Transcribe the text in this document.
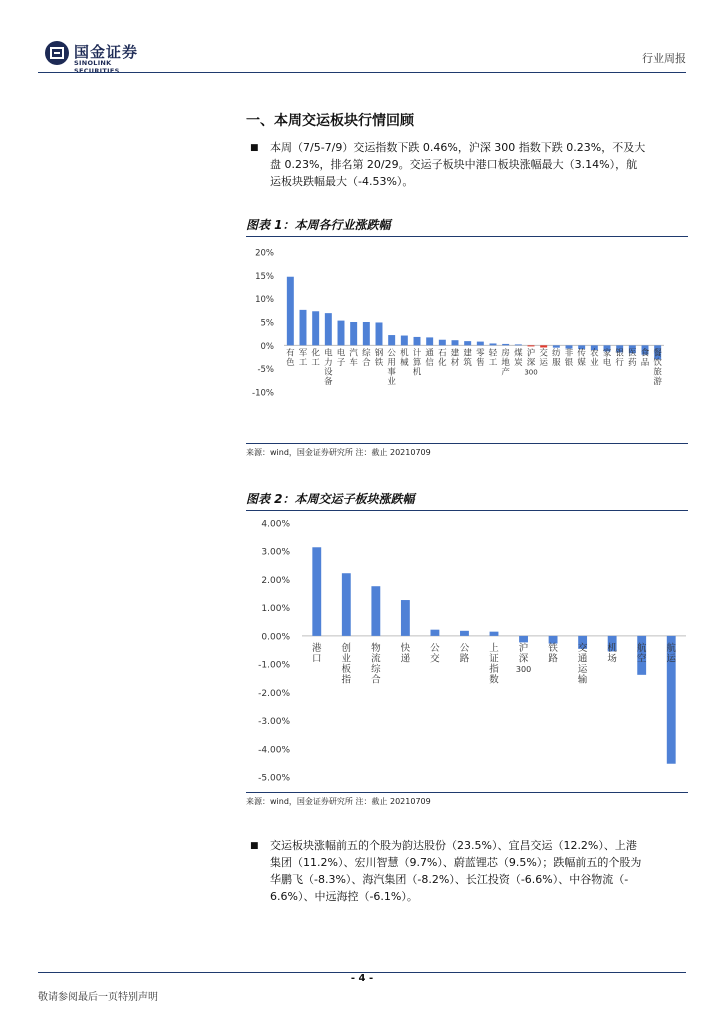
国金证券
SINOLINK SECURITIES
行业周报
一、本周交运板块行情回顾
■ 本周（7/5-7/9）交运指数下跌 0.46%，沪深 300 指数下跌 0.23%，不及大
盘 0.23%，排名第 20/29。交运子板块中港口板块涨幅最大（3.14%），航
运板块跌幅最大（-4.53%）。
图表 1：本周各行业涨跌幅
20%
15%
10%
5%
0%
-5%
-10%
有色
军工
化工
电力设备
电子
汽车
综合
钢铁
公用事业
机械
计算机
通信
石化
建材
建筑
零售
轻工
房地产
煤炭
沪深 300
交运
纺服
非银
传媒
农业
家电
银行
医药
食品
餐饮旅游
来源：wind，国金证券研究所 注：截止 20210709
图表 2：本周交运子板块涨跌幅
4.00%
3.00%
2.00%
1.00%
0.00%
-1.00%
-2.00%
-3.00%
-4.00%
-5.00%
港口
创业板指
物流综合
快递
公交
公路
上证指数
沪深 300
铁路
交通运输
机场
航空
航运
来源：wind，国金证券研究所 注：截止 20210709
■ 交运板块涨幅前五的个股为韵达股份（23.5%）、宜昌交运（12.2%）、上港
集团（11.2%）、宏川智慧（9.7%）、蔚蓝锂芯（9.5%）；跌幅前五的个股为
华鹏飞（-8.3%）、海汽集团（-8.2%）、长江投资（-6.6%）、中谷物流（-
6.6%）、中远海控（-6.1%）。
- 4 -
敬请参阅最后一页特别声明
